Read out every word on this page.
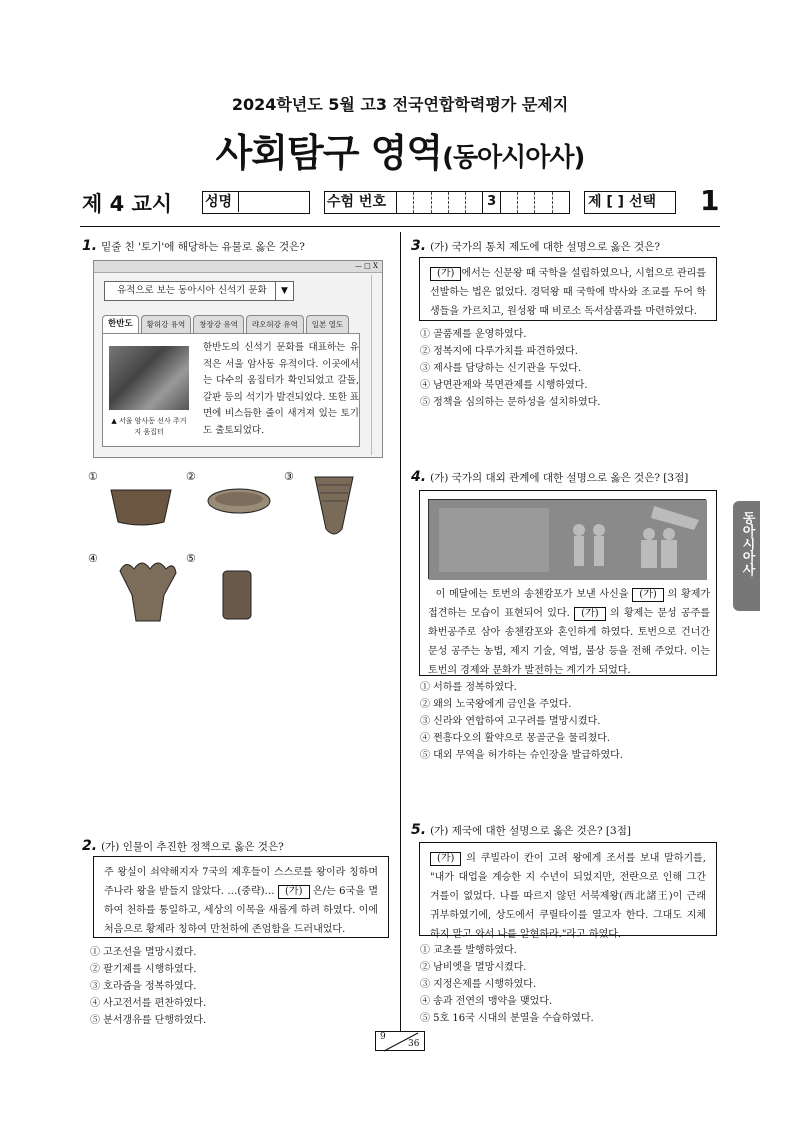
2024학년도 5월 고3 전국연합학력평가 문제지
사회탐구 영역(동아시아사)
제 4 교시 성명	수험 번호	3	제 [ ] 선택	1
1. 밑줄 친 '토기'에 해당하는 유물로 옳은 것은?
— □ X
유적으로 보는 동아시아 신석기 문화	▼
한반도	황허강 유역	창장강 유역	랴오허강 유역	일본 열도
▲ 서울 암사동 선사 주거지 움집터
한반도의 신석기 문화를 대표하는 유적은 서울 암사동 유적이다. 이곳에서는 다수의 움집터가 확인되었고 갈돌, 갈판 등의 석기가 발견되었다. 또한 표면에 비스듬한 줄이 새겨져 있는 토기도 출토되었다.
①	②	③
④	⑤
2. (가) 인물이 추진한 정책으로 옳은 것은?
주 왕실이 쇠약해지자 7국의 제후들이 스스로를 왕이라 칭하며 주나라 왕을 받들지 않았다. …(중략)… (가) 은/는 6국을 멸하여 천하를 통일하고, 세상의 이목을 새롭게 하려 하였다. 이에 처음으로 황제라 칭하여 만천하에 존엄함을 드러내었다.
① 고조선을 멸망시켰다.
② 팔기제를 시행하였다.
③ 호라즘을 정복하였다.
④ 사고전서를 편찬하였다.
⑤ 분서갱유를 단행하였다.
3. (가) 국가의 통치 제도에 대한 설명으로 옳은 것은?
(가) 에서는 신문왕 때 국학을 설립하였으나, 시험으로 관리를 선발하는 법은 없었다. 경덕왕 때 국학에 박사와 조교를 두어 학생들을 가르치고, 원성왕 때 비로소 독서삼품과를 마련하였다.
① 골품제를 운영하였다.
② 정복지에 다루가치를 파견하였다.
③ 제사를 담당하는 신기관을 두었다.
④ 남면관제와 북면관제를 시행하였다.
⑤ 정책을 심의하는 문하성을 설치하였다.
4. (가) 국가의 대외 관계에 대한 설명으로 옳은 것은? [3점]
이 메달에는 토번의 송첸캄포가 보낸 사신을 (가) 의 황제가 접견하는 모습이 표현되어 있다. (가) 의 황제는 문성 공주를 화번공주로 삼아 송첸캄포와 혼인하게 하였다. 토번으로 건너간 문성 공주는 농법, 제지 기술, 역법, 불상 등을 전해 주었다. 이는 토번의 경제와 문화가 발전하는 계기가 되었다.
① 서하를 정복하였다.
② 왜의 노국왕에게 금인을 주었다.
③ 신라와 연합하여 고구려를 멸망시켰다.
④ 쩐흥다오의 활약으로 몽골군을 물리쳤다.
⑤ 대외 무역을 허가하는 슈인장을 발급하였다.
5. (가) 제국에 대한 설명으로 옳은 것은? [3점]
(가) 의 쿠빌라이 칸이 고려 왕에게 조서를 보내 말하기를, "내가 대업을 계승한 지 수년이 되었지만, 전란으로 인해 그간 겨를이 없었다. 나를 따르지 않던 서북제왕(西北諸王)이 근래 귀부하였기에, 상도에서 쿠릴타이를 열고자 한다. 그대도 지체하지 말고 와서 나를 알현하라."라고 하였다.
① 교초를 발행하였다.
② 남비엣을 멸망시켰다.
③ 지정은제를 시행하였다.
④ 송과 전연의 맹약을 맺었다.
⑤ 5호 16국 시대의 분열을 수습하였다.
동아시아사
9
36
